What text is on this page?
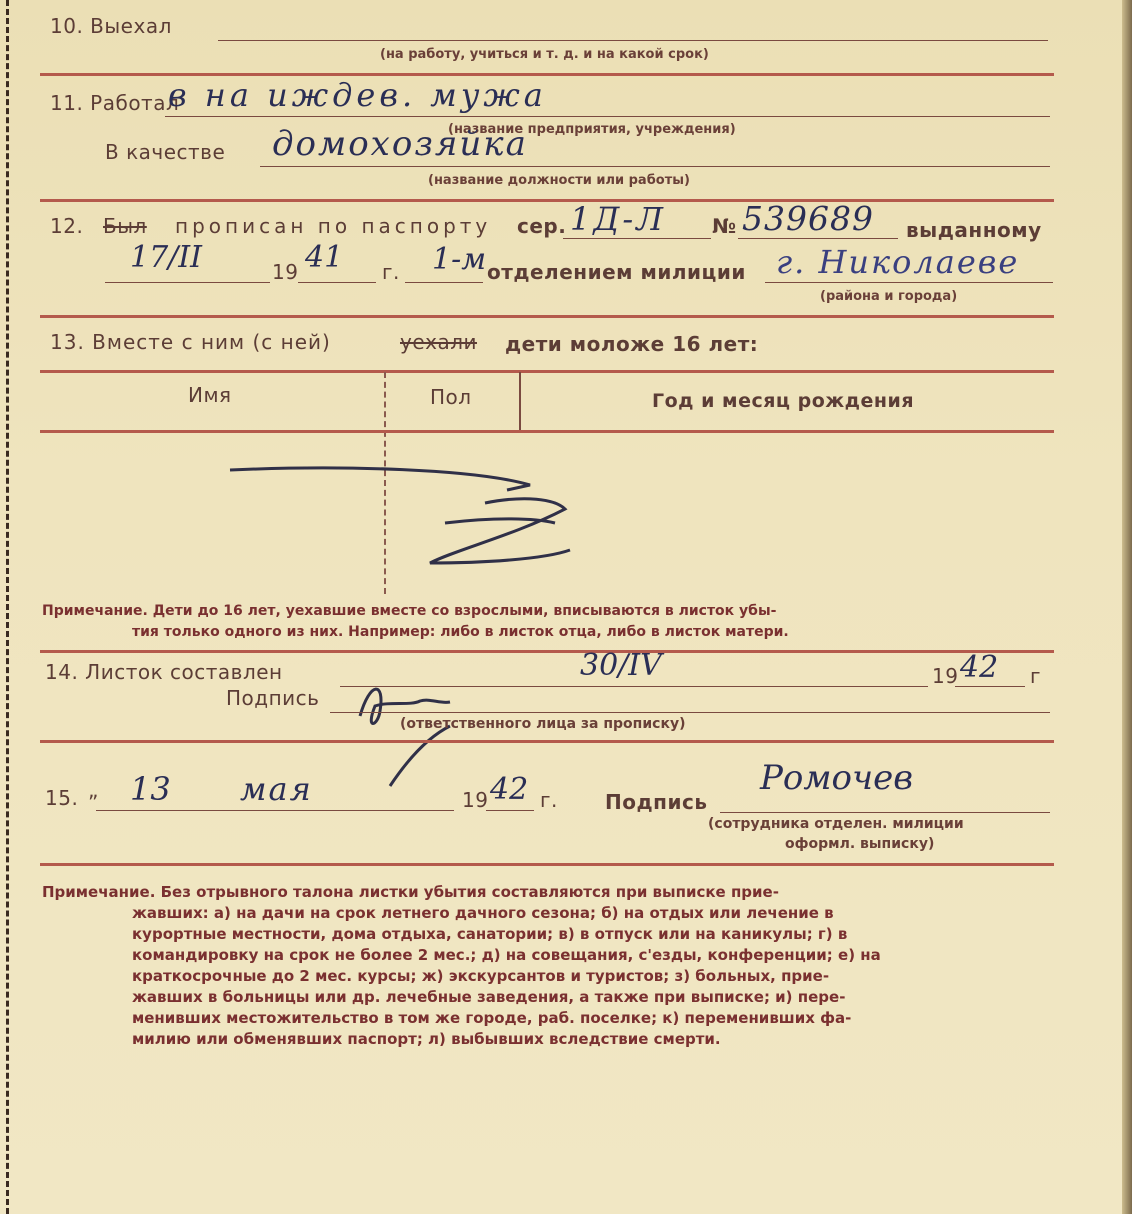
10. Выехал
(на работу, учиться и т. д. и на какой срок)
11. Работал
в на иждев. мужа
(название предприятия, учреждения)
В качестве домохозяйка
(название должности или работы)
12. Был прописан по паспорту сер. 1Д-Л № 539689 выданному
17/II	19 41 г. 1-м отделением милиции г. Николаеве
(района и города)
13. Вместе с ним (с ней)	уехали дети моложе 16 лет:
Имя	Пол	Год и месяц рождения
Примечание. Дети до 16 лет, уехавшие вместе со взрослыми, вписываются в листок убы-
тия только одного из них. Например: либо в листок отца, либо в листок матери.
14. Листок составлен	30/IV	19 42 г
Подпись
(ответственного лица за прописку)
15. „ 13 мая	19 42 г. Подпись
Ромочев
(сотрудника отделен. милиции
оформл. выписку)
Примечание. Без отрывного талона листки убытия составляются при выписке прие-
жавших: а) на дачи на срок летнего дачного сезона; б) на отдых или лечение в
курортные местности, дома отдыха, санатории; в) в отпуск или на каникулы; г) в
командировку на срок не более 2 мес.; д) на совещания, с'езды, конференции; е) на
краткосрочные до 2 мес. курсы; ж) экскурсантов и туристов; з) больных, прие-
жавших в больницы или др. лечебные заведения, а также при выписке; и) пере-
менивших местожительство в том же городе, раб. поселке; к) переменивших фа-
милию или обменявших паспорт; л) выбывших вследствие смерти.
